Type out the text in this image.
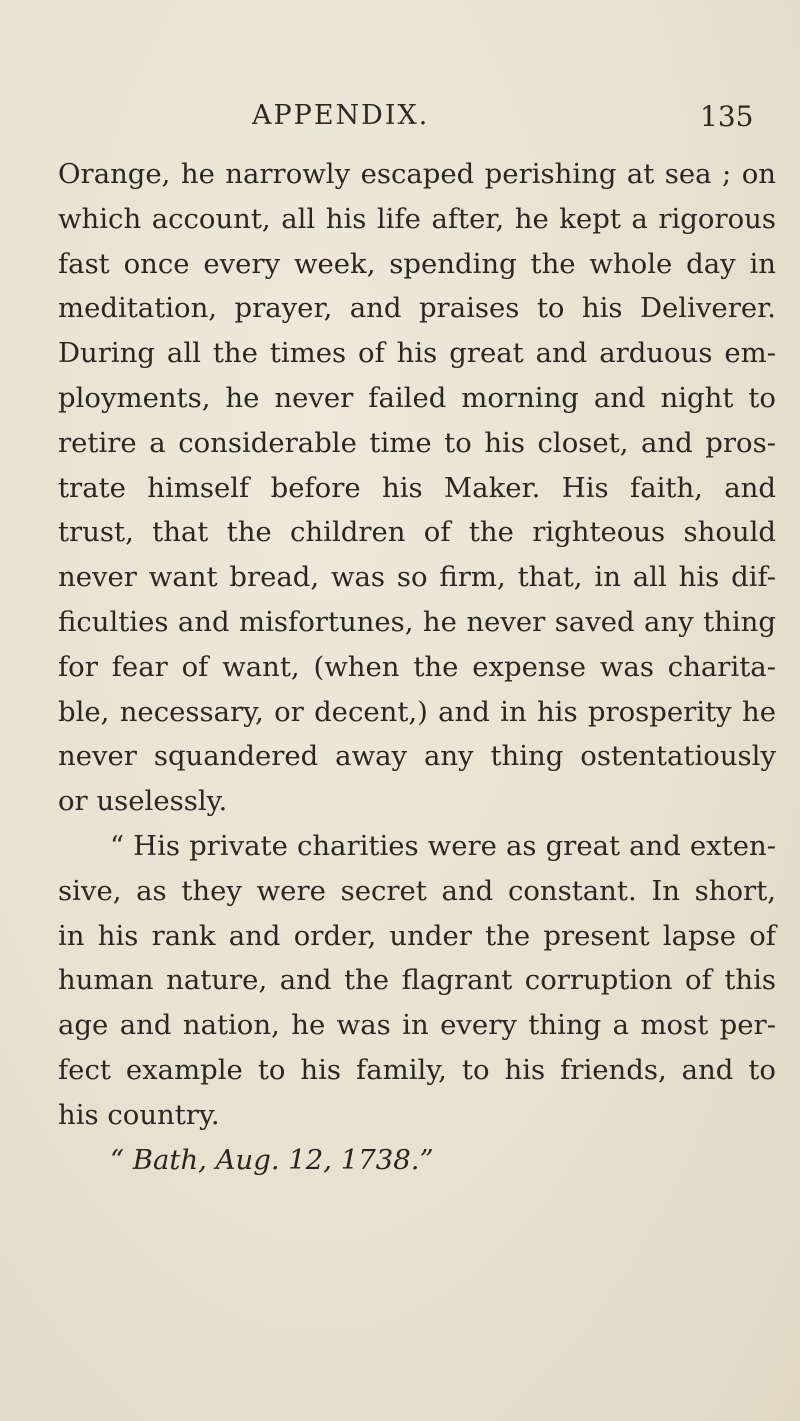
APPENDIX.	135
Orange, he narrowly escaped perishing at sea ; on
which account, all his life after, he kept a rigorous
fast once every week, spending the whole day in
meditation, prayer, and praises to his Deliverer.
During all the times of his great and arduous em-
ployments, he never failed morning and night to
retire a considerable time to his closet, and pros-
trate himself before his Maker. His faith, and
trust, that the children of the righteous should
never want bread, was so firm, that, in all his dif-
ficulties and misfortunes, he never saved any thing
for fear of want, (when the expense was charita-
ble, necessary, or decent,) and in his prosperity he
never squandered away any thing ostentatiously
or uselessly.
“ His private charities were as great and exten-
sive, as they were secret and constant. In short,
in his rank and order, under the present lapse of
human nature, and the flagrant corruption of this
age and nation, he was in every thing a most per-
fect example to his family, to his friends, and to
his country.
“ Bath, Aug. 12, 1738.”
